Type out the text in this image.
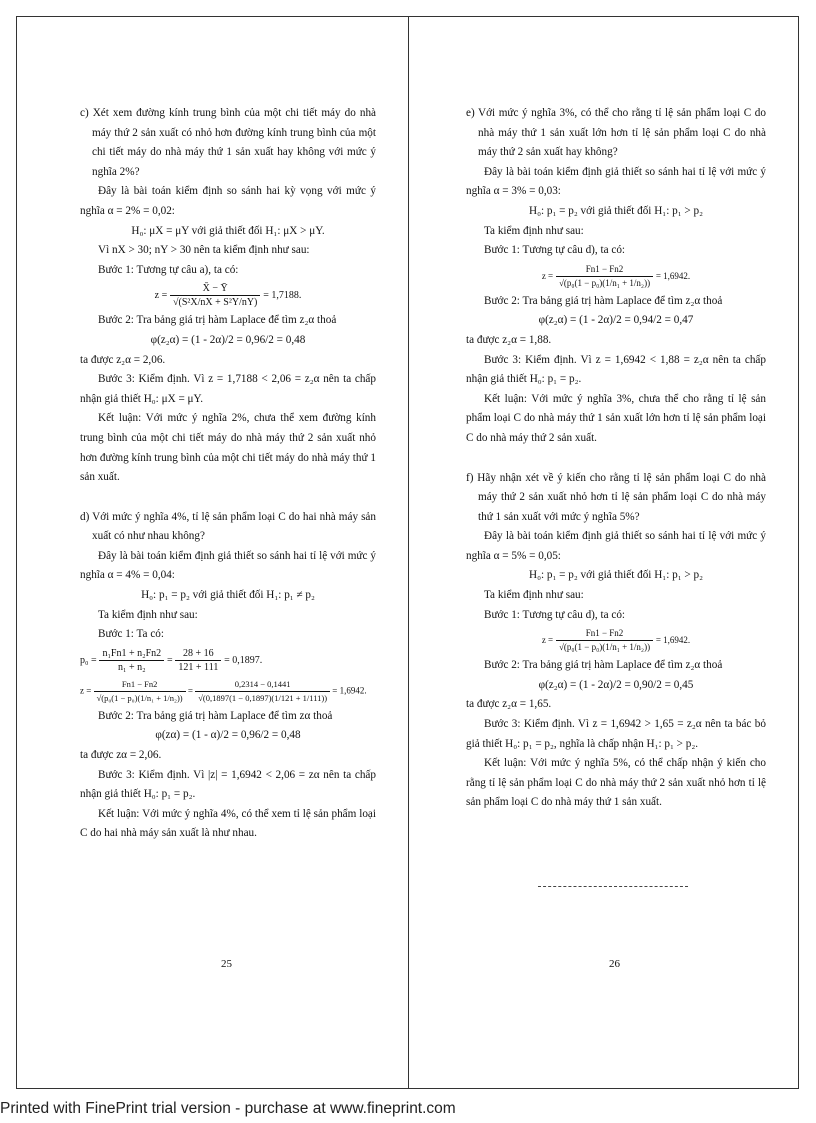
c) Xét xem đường kính trung bình của một chi tiết máy do nhà máy thứ 2 sản xuất có nhỏ hơn đường kính trung bình của một chi tiết máy do nhà máy thứ 1 sản xuất hay không với mức ý nghĩa 2%?

Đây là bài toán kiểm định so sánh hai kỳ vọng với mức ý nghĩa α = 2% = 0,02:

H₀: μX = μY với giả thiết đối H₁: μX > μY.

Vì nX > 30; nY > 30 nên ta kiểm định như sau:

Bước 1: Tương tự câu a), ta có:

$z = \frac{X̄ - Ȳ}{\text{√(S²X/nX + S²Y/nY)}} = 1,7188$.

Bước 2: Tra bảng giá trị hàm Laplace để tìm z₂α thoả

φ(z₂α) = (1 - 2α)/2 = 0,96/2 = 0,48

ta được z₂α = 2,06.

Bước 3: Kiểm định. Vì z = 1,7188 < 2,06 = z₂α nên ta chấp nhận giả thiết H₀: μX = μY.

Kết luận: Với mức ý nghĩa 2%, chưa thể xem đường kính trung bình của một chi tiết máy do nhà máy thứ 2 sản xuất nhỏ hơn đường kính trung bình của một chi tiết máy do nhà máy thứ 1 sản xuất.

d) Với mức ý nghĩa 4%, tỉ lệ sản phẩm loại C do hai nhà máy sản xuất có như nhau không?

Đây là bài toán kiểm định giả thiết so sánh hai tỉ lệ với mức ý nghĩa α = 4% = 0,04:

H₀: p₁ = p₂ với giả thiết đối H₁: p₁ ≠ p₂

Ta kiểm định như sau:

Bước 1: Ta có:

$p_0 = \frac{\text{n₁Fn1 + n₂Fn2}}{\text{n₁ + n₂}} = \frac{28 + 16}{121 + 111} = 0,1897$.
$z = \frac{Fn1 - Fn2}{\text{√(p₀(1 − p₀)(1/n₁ + 1/n₂))}} = \frac{0,2314 - 0,1441}{√(0,1897(1 - 0,1897)(1/121 + 1/111))} = 1,6942$.

Bước 2: Tra bảng giá trị hàm Laplace để tìm zα thoả

φ(zα) = (1 - α)/2 = 0,96/2 = 0,48

ta được zα = 2,06.

Bước 3: Kiểm định. Vì |z| = 1,6942 < 2,06 = zα nên ta chấp nhận giả thiết H₀: p₁ = p₂.

Kết luận: Với mức ý nghĩa 4%, có thể xem tỉ lệ sản phẩm loại C do hai nhà máy sản xuất là như nhau.

25

e) Với mức ý nghĩa 3%, có thể cho rằng tỉ lệ sản phẩm loại C do nhà máy thứ 1 sản xuất lớn hơn tỉ lệ sản phẩm loại C do nhà máy thứ 2 sản xuất hay không?

Đây là bài toán kiểm định giả thiết so sánh hai tỉ lệ với mức ý nghĩa α = 3% = 0,03:

H₀: p₁ = p₂ với giả thiết đối H₁: p₁ > p₂

Ta kiểm định như sau:

Bước 1: Tương tự câu d), ta có:

$z = \frac{Fn1 - Fn2}{\text{√(p₀(1 − p₀)(1/n₁ + 1/n₂))}} = 1,6942$.

Bước 2: Tra bảng giá trị hàm Laplace để tìm z₂α thoả

φ(z₂α) = (1 - 2α)/2 = 0,94/2 = 0,47

ta được z₂α = 1,88.

Bước 3: Kiểm định. Vì z = 1,6942 < 1,88 = z₂α nên ta chấp nhận giả thiết H₀: p₁ = p₂.

Kết luận: Với mức ý nghĩa 3%, chưa thể cho rằng tỉ lệ sản phẩm loại C do nhà máy thứ 1 sản xuất lớn hơn tỉ lệ sản phẩm loại C do nhà máy thứ 2 sản xuất.

f) Hãy nhận xét về ý kiến cho rằng tỉ lệ sản phẩm loại C do nhà máy thứ 2 sản xuất nhỏ hơn tỉ lệ sản phẩm loại C do nhà máy thứ 1 sản xuất với mức ý nghĩa 5%?

Đây là bài toán kiểm định giả thiết so sánh hai tỉ lệ với mức ý nghĩa α = 5% = 0,05:

H₀: p₁ = p₂ với giả thiết đối H₁: p₁ > p₂

Ta kiểm định như sau:

Bước 1: Tương tự câu d), ta có:

$z = \frac{Fn1 - Fn2}{\text{√(p₀(1 − p₀)(1/n₁ + 1/n₂))}} = 1,6942$.

Bước 2: Tra bảng giá trị hàm Laplace để tìm z₂α thoả

φ(z₂α) = (1 - 2α)/2 = 0,90/2 = 0,45

ta được z₂α = 1,65.

Bước 3: Kiểm định. Vì z = 1,6942 > 1,65 = z₂α nên ta bác bỏ giả thiết H₀: p₁ = p₂, nghĩa là chấp nhận H₁: p₁ > p₂.

Kết luận: Với mức ý nghĩa 5%, có thể chấp nhận ý kiến cho rằng tỉ lệ sản phẩm loại C do nhà máy thứ 2 sản xuất nhỏ hơn tỉ lệ sản phẩm loại C do nhà máy thứ 1 sản xuất.

26
Printed with FinePrint trial version - purchase at www.fineprint.com
